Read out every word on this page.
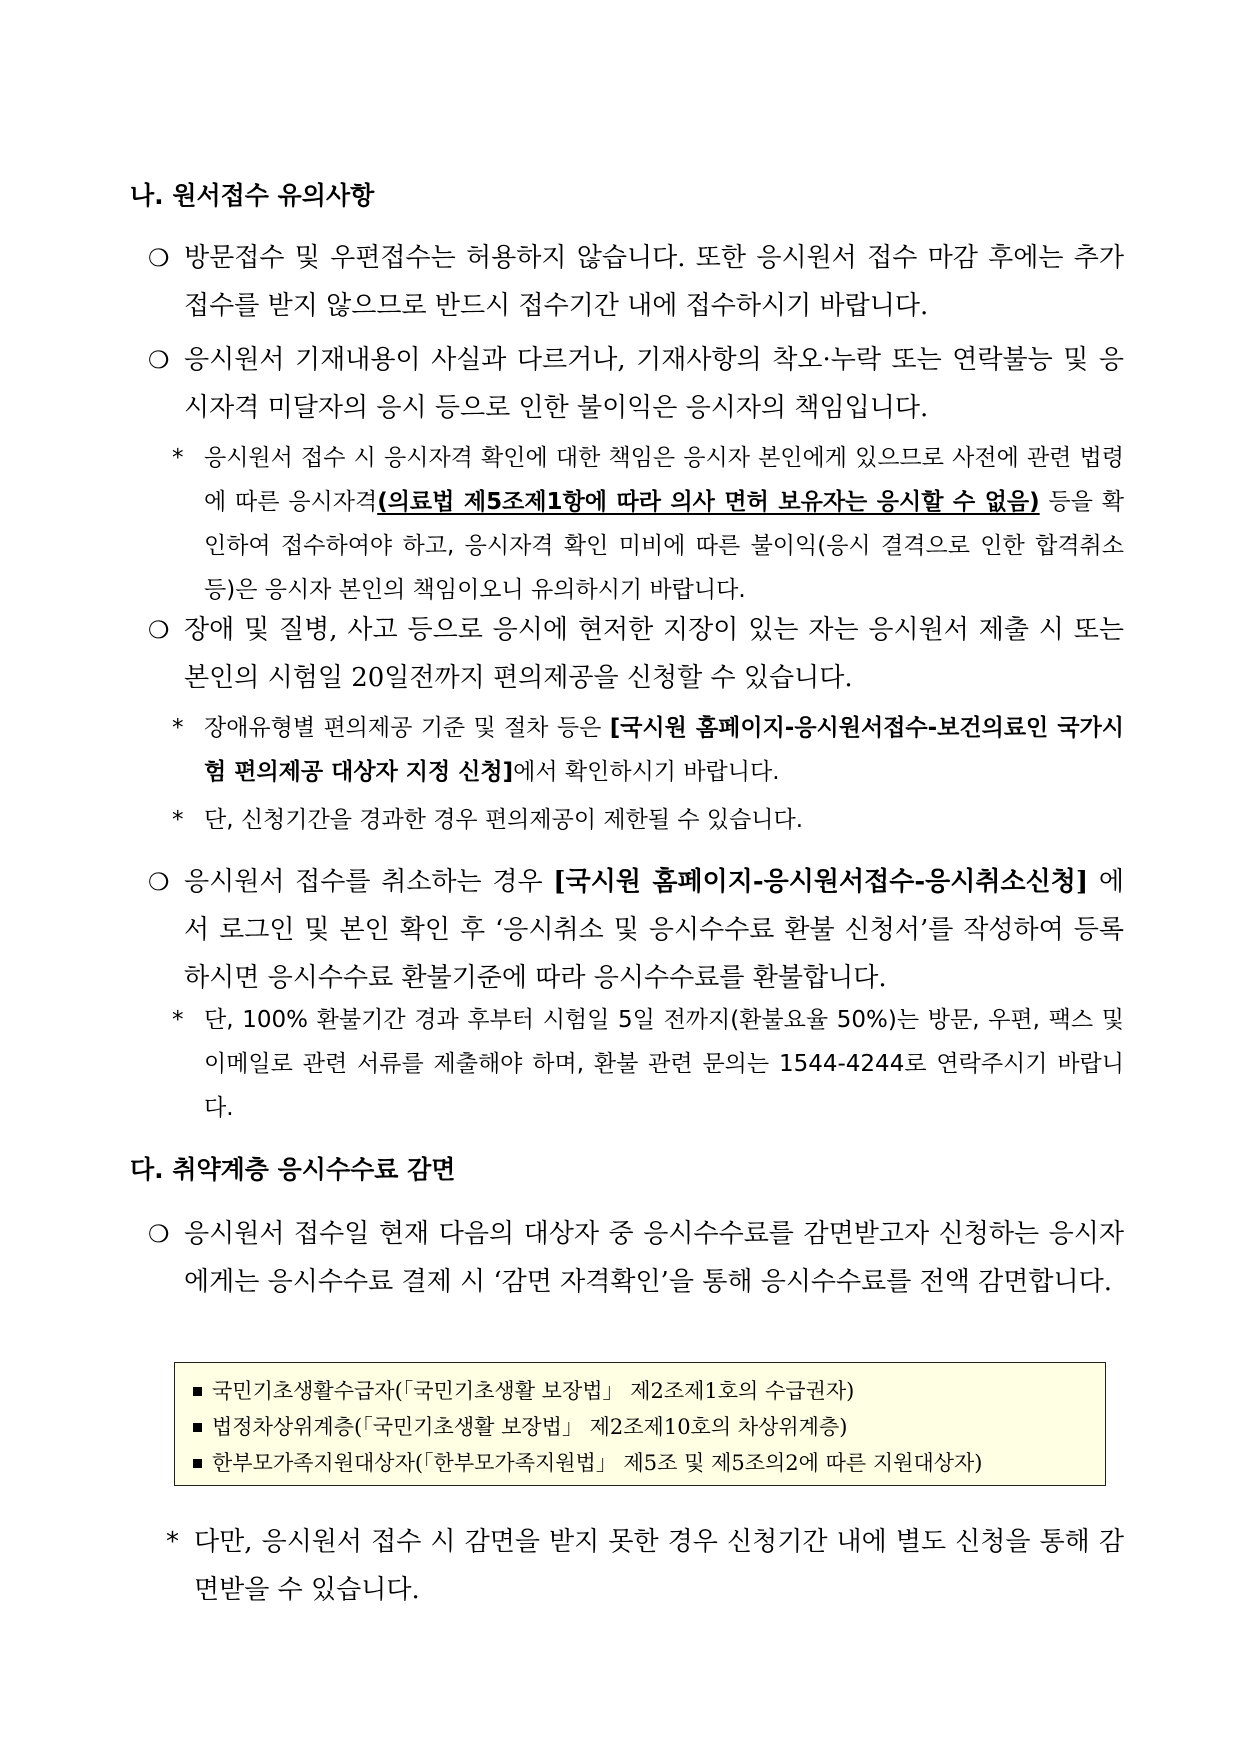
나. 원서접수 유의사항
❍ 방문접수 및 우편접수는 허용하지 않습니다. 또한 응시원서 접수 마감 후에는 추가접수를 받지 않으므로 반드시 접수기간 내에 접수하시기 바랍니다.
❍ 응시원서 기재내용이 사실과 다르거나, 기재사항의 착오·누락 또는 연락불능 및 응시자격 미달자의 응시 등으로 인한 불이익은 응시자의 책임입니다.
* 응시원서 접수 시 응시자격 확인에 대한 책임은 응시자 본인에게 있으므로 사전에 관련 법령에 따른 응시자격(의료법 제5조제1항에 따라 의사 면허 보유자는 응시할 수 없음) 등을 확인하여 접수하여야 하고, 응시자격 확인 미비에 따른 불이익(응시 결격으로 인한 합격취소 등)은 응시자 본인의 책임이오니 유의하시기 바랍니다.
❍ 장애 및 질병, 사고 등으로 응시에 현저한 지장이 있는 자는 응시원서 제출 시 또는 본인의 시험일 20일전까지 편의제공을 신청할 수 있습니다.
* 장애유형별 편의제공 기준 및 절차 등은 [국시원 홈페이지-응시원서접수-보건의료인 국가시험 편의제공 대상자 지정 신청]에서 확인하시기 바랍니다.
* 단, 신청기간을 경과한 경우 편의제공이 제한될 수 있습니다.
❍ 응시원서 접수를 취소하는 경우 [국시원 홈페이지-응시원서접수-응시취소신청] 에서 로그인 및 본인 확인 후 ‘응시취소 및 응시수수료 환불 신청서’를 작성하여 등록하시면 응시수수료 환불기준에 따라 응시수수료를 환불합니다.
* 단, 100% 환불기간 경과 후부터 시험일 5일 전까지(환불요율 50%)는 방문, 우편, 팩스 및 이메일로 관련 서류를 제출해야 하며, 환불 관련 문의는 1544-4244로 연락주시기 바랍니다.
다. 취약계층 응시수수료 감면
❍ 응시원서 접수일 현재 다음의 대상자 중 응시수수료를 감면받고자 신청하는 응시자에게는 응시수수료 결제 시 ‘감면 자격확인’을 통해 응시수수료를 전액 감면합니다.
국민기초생활수급자(「국민기초생활 보장법」 제2조제1호의 수급권자)
법정차상위계층(「국민기초생활 보장법」 제2조제10호의 차상위계층)
한부모가족지원대상자(「한부모가족지원법」 제5조 및 제5조의2에 따른 지원대상자)
* 다만, 응시원서 접수 시 감면을 받지 못한 경우 신청기간 내에 별도 신청을 통해 감면받을 수 있습니다.
